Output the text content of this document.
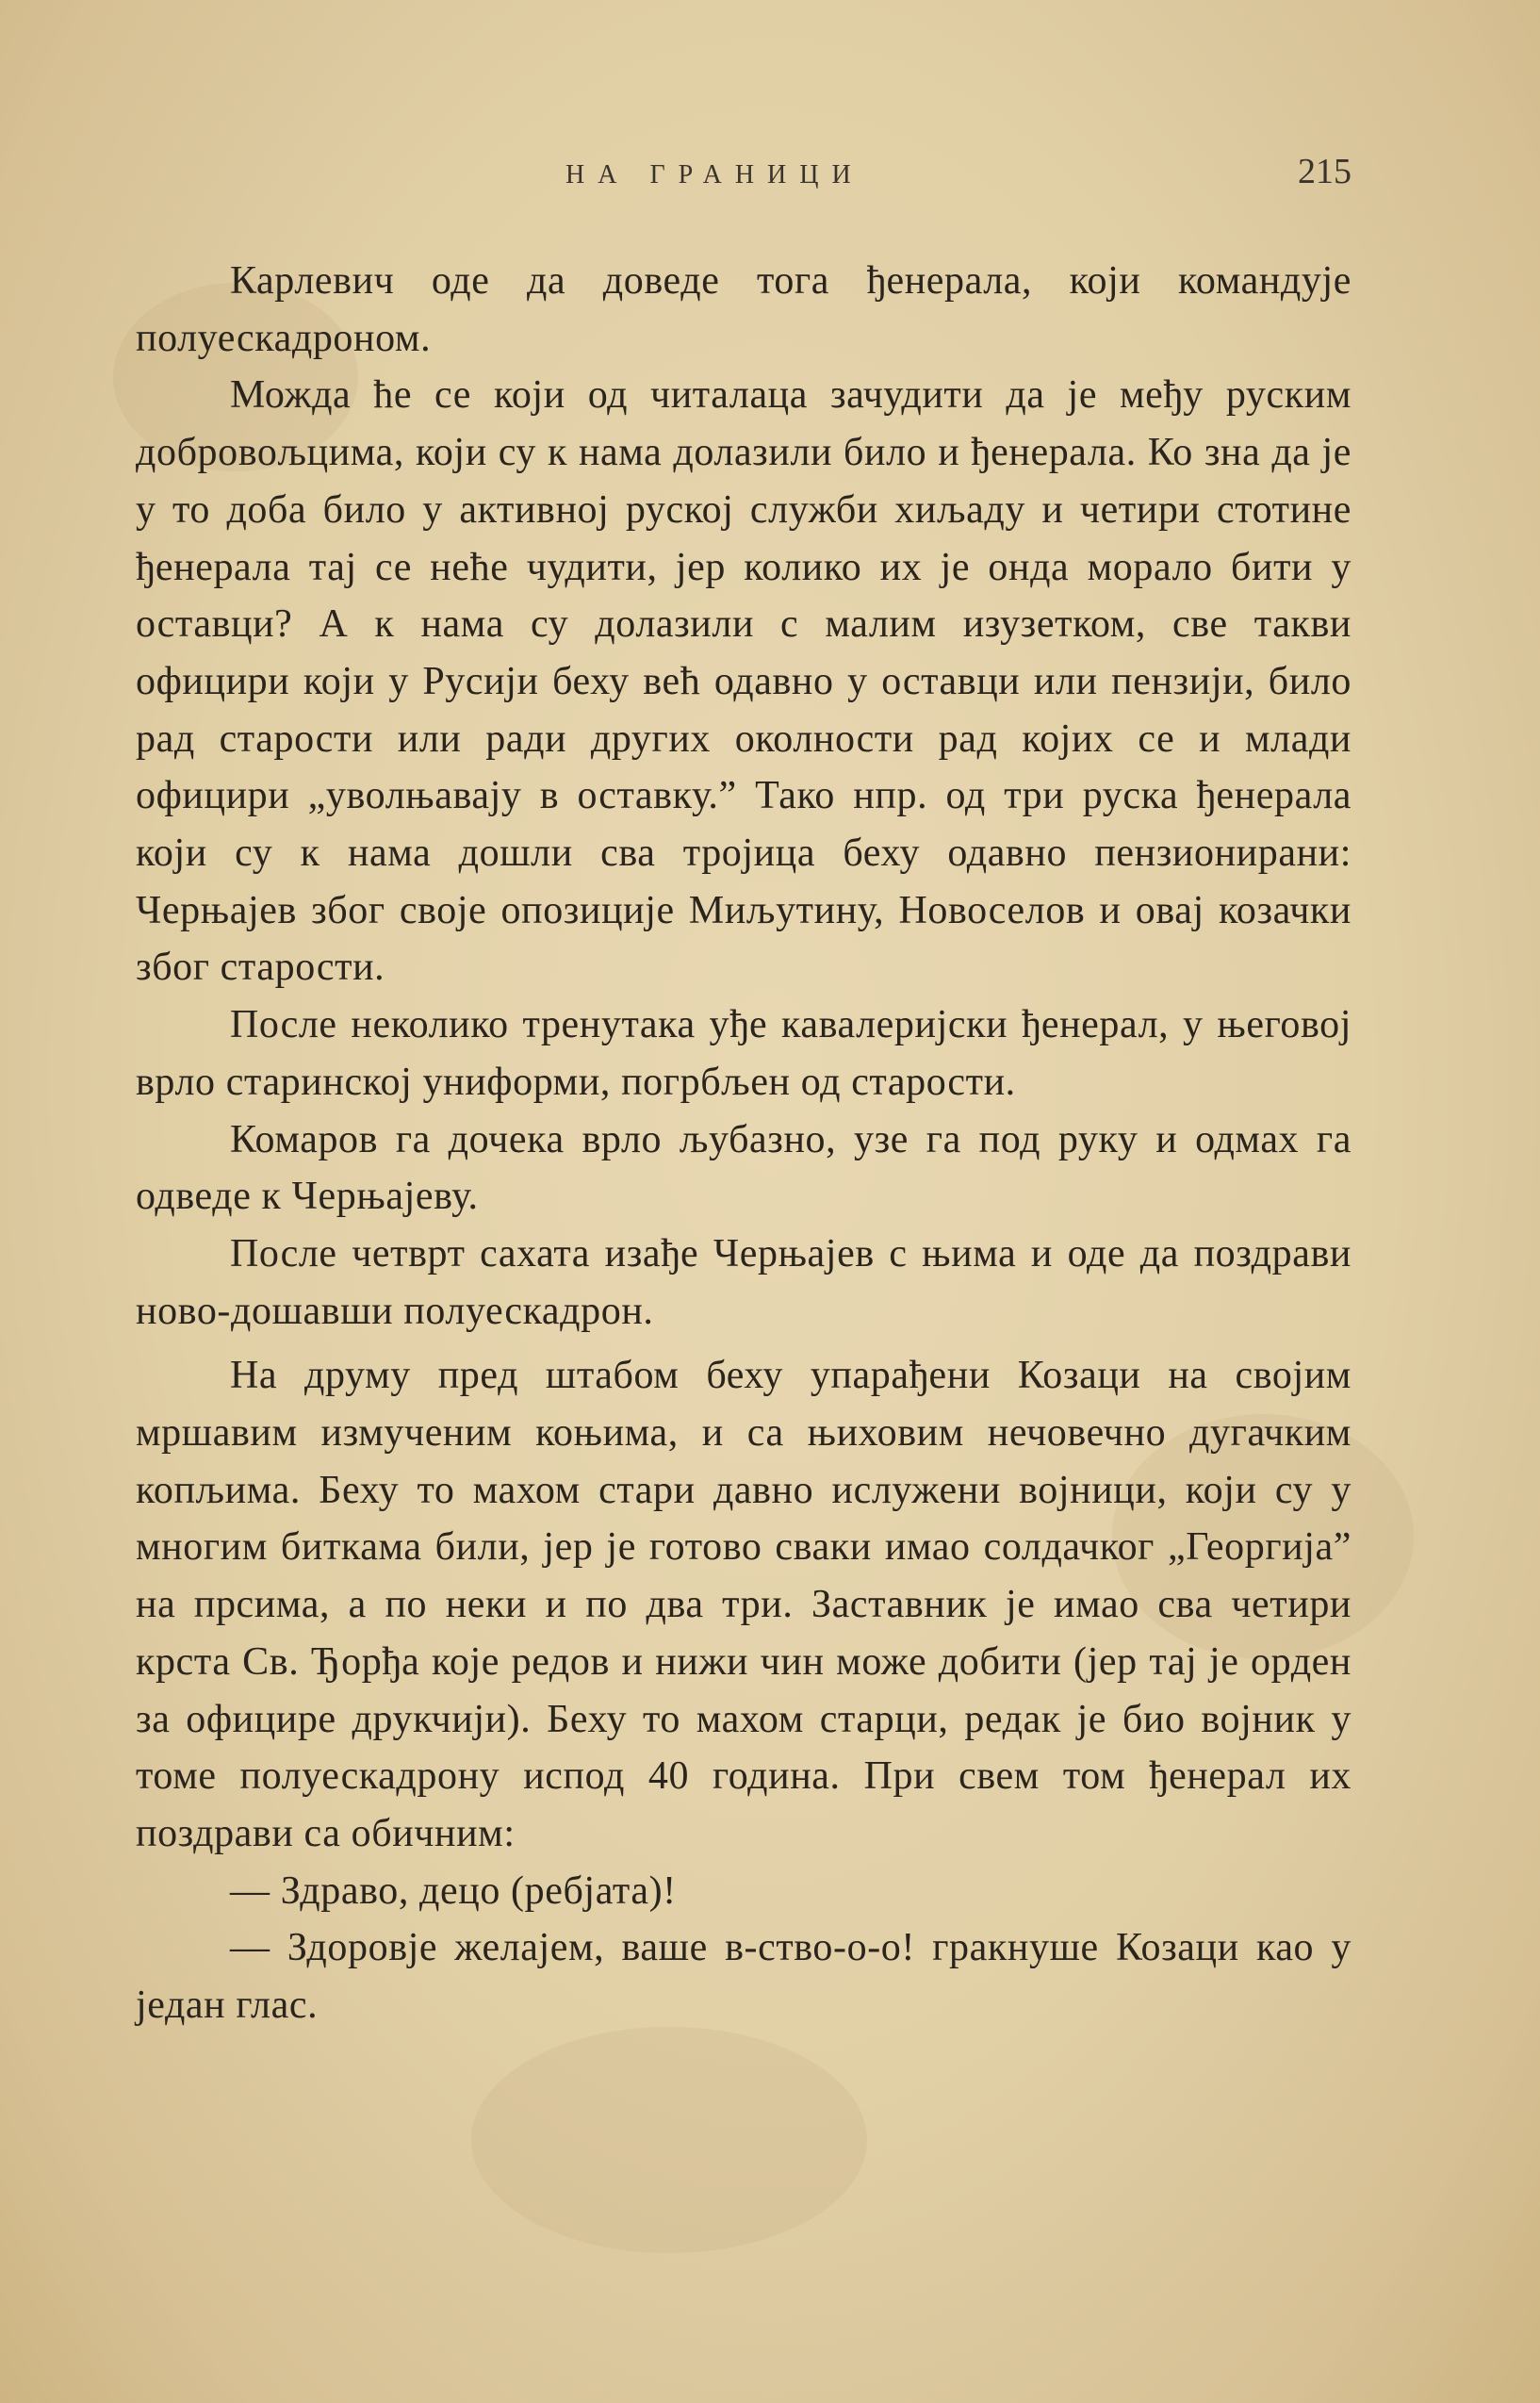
НА ГРАНИЦИ	215

Карлевич оде да доведе тога ђенерала, који командује полуескадроном.

Можда ће се који од читалаца зачудити да је међу руским добровољцима, који су к нама долазили било и ђенерала. Ко зна да је у то доба било у активној руској служби хиљаду и четири стотине ђенерала тај се неће чудити, јер колико их је онда морало бити у оставци? А к нама су долазили с малим изузетком, све такви официри који у Русији беху већ одавно у оставци или пензији, било рад старости или ради других околности рад којих се и млади официри „уволњавају в оставку.” Тако нпр. од три руска ђенерала који су к нама дошли сва тројица беху одавно пензионирани: Черњајев због своје опозиције Миљутину, Новоселов и овај козачки због старости.

После неколико тренутака уђе кавалеријски ђенерал, у његовој врло старинској униформи, погрбљен од старости.

Комаров га дочека врло љубазно, узе га под руку и одмах га одведе к Черњајеву.

После четврт сахата изађе Черњајев с њима и оде да поздрави ново-дошавши полуескадрон.

На друму пред штабом беху упарађени Козаци на својим мршавим измученим коњима, и са њиховим нечовечно дугачким копљима. Беху то махом стари давно ислужени војници, који су у многим биткама били, јер је готово сваки имао солдачког „Георгија” на прсима, а по неки и по два три. Заставник је имао сва четири крста Св. Ђорђа које редов и нижи чин може добити (јер тај је орден за официре друкчији). Беху то махом старци, редак је био војник у томе полуескадрону испод 40 година. При свем том ђенерал их поздрави са обичним:

— Здраво, децо (ребјата)!

— Здоровје желајем, ваше в-ство-о-о! гракнуше Козаци као у један глас.
